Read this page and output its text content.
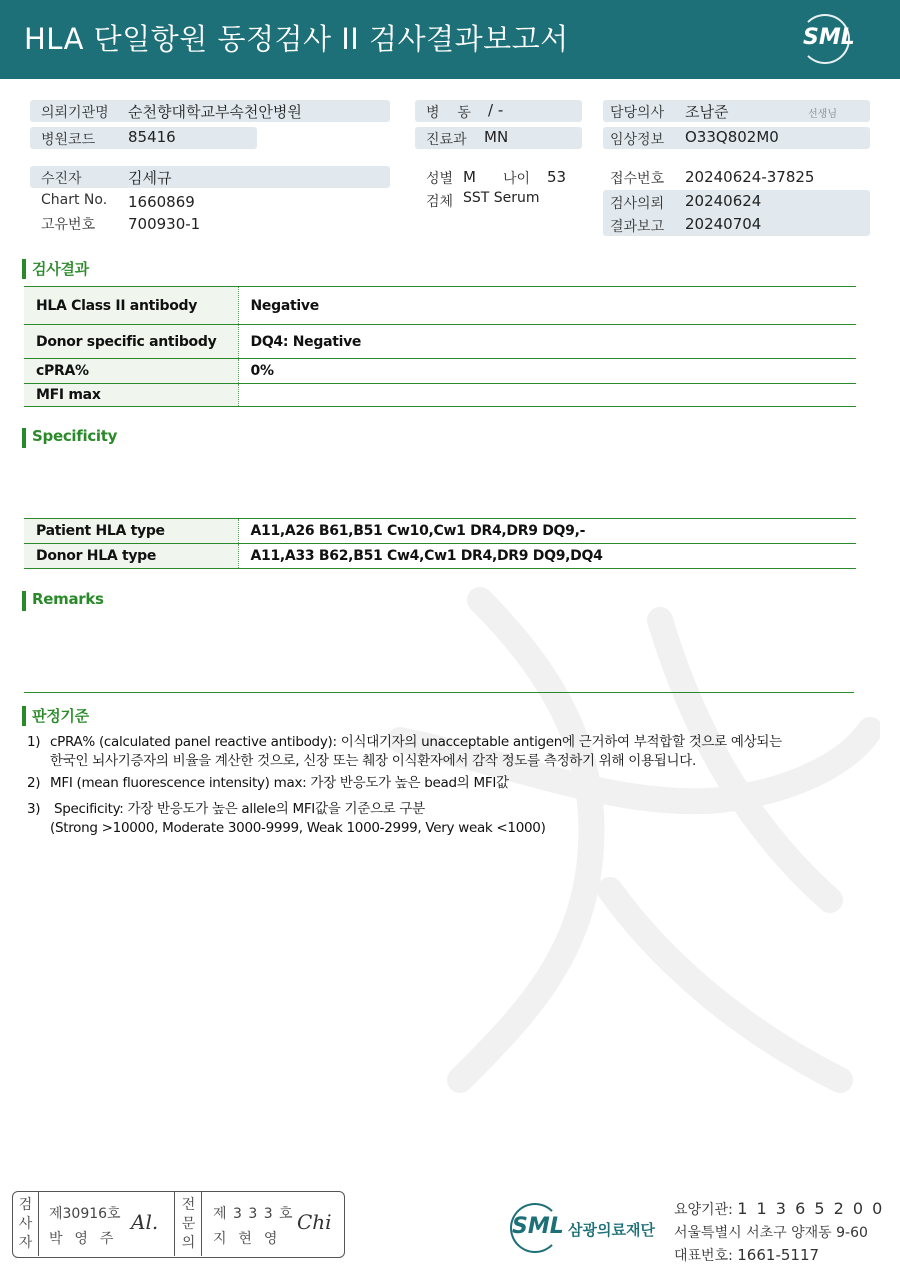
HLA 단일항원 동정검사 II 검사결과보고서	SML
의뢰기관명 순천향대학교부속천안병원
병원코드 85416
수진자	김세규
Chart No. 1660869
고유번호 700930-1
병    동 / -
진료과 MN
성별 M 나이 53
검체 SST Serum
담당의사 조남준	선생님
임상정보 O33Q802M0
접수번호 20240624-37825
검사의뢰 20240624
결과보고 20240704
검사결과
HLA Class II antibody	Negative
Donor specific antibody	DQ4: Negative
cPRA%	0%
MFI max	
Specificity
Patient HLA type	A11,A26 B61,B51 Cw10,Cw1 DR4,DR9 DQ9,-
Donor HLA type	A11,A33 B62,B51 Cw4,Cw1 DR4,DR9 DQ9,DQ4
Remarks
판정기준
1) cPRA% (calculated panel reactive antibody): 이식대기자의 unacceptable antigen에 근거하여 부적합할 것으로 예상되는
한국인 뇌사기증자의 비율을 계산한 것으로, 신장 또는 췌장 이식환자에서 감작 정도를 측정하기 위해 이용됩니다.
2) MFI (mean fluorescence intensity) max: 가장 반응도가 높은 bead의 MFI값
3) Specificity: 가장 반응도가 높은 allele의 MFI값을 기준으로 구분
(Strong >10000, Moderate 3000-9999, Weak 1000-2999, Very weak <1000)
검
사
자
제30916호
박  영  주
Al.
전
문
의
제 3 3 3 호
지  현  영
Chi	SML 삼광의료재단
요양기관: 1 1 3 6 5 2 0 0
서울특별시 서초구 양재동 9-60
대표번호: 1661-5117
